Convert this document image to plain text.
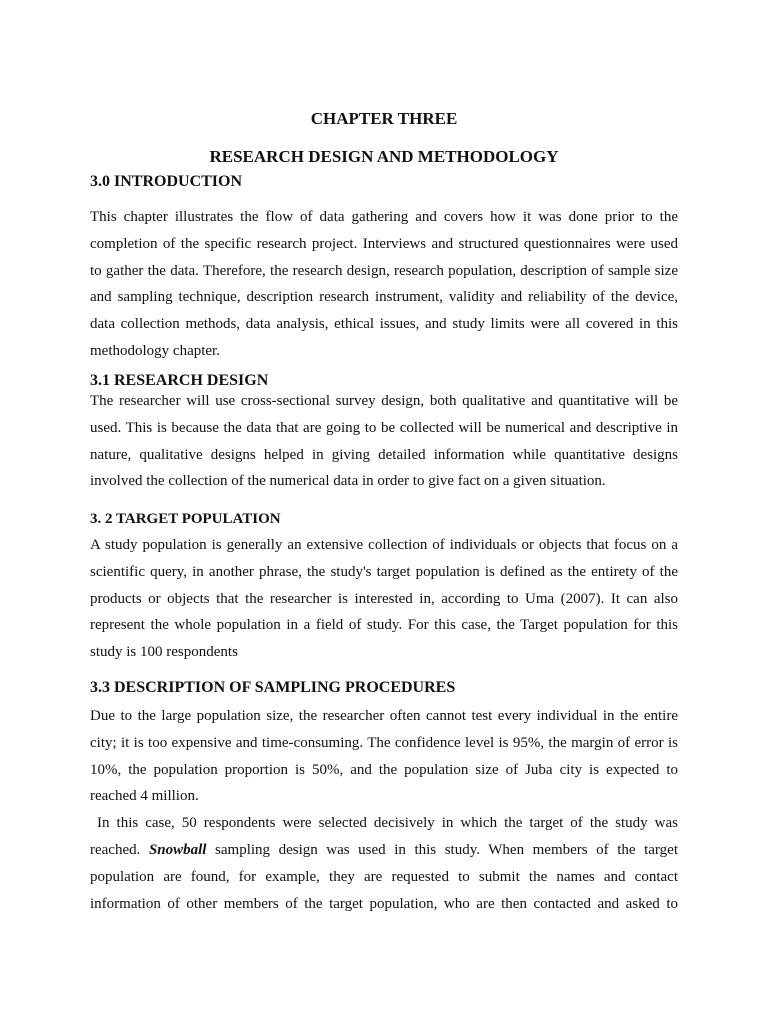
CHAPTER THREE
RESEARCH DESIGN AND METHODOLOGY
3.0 INTRODUCTION
This chapter illustrates the flow of data gathering and covers how it was done prior to the
completion of the specific research project. Interviews and structured questionnaires were used
to gather the data. Therefore, the research design, research population, description of sample size
and sampling technique, description research instrument, validity and reliability of the device,
data collection methods, data analysis, ethical issues, and study limits were all covered in this
methodology chapter.
3.1 RESEARCH DESIGN
The researcher will use cross-sectional survey design, both qualitative and quantitative will be
used. This is because the data that are going to be collected will be numerical and descriptive in
nature, qualitative designs helped in giving detailed information while quantitative designs
involved the collection of the numerical data in order to give fact on a given situation.
3. 2 TARGET POPULATION
A study population is generally an extensive collection of individuals or objects that focus on a
scientific query, in another phrase, the study's target population is defined as the entirety of the
products or objects that the researcher is interested in, according to Uma (2007). It can also
represent the whole population in a field of study. For this case, the Target population for this
study is 100 respondents
3.3 DESCRIPTION OF SAMPLING PROCEDURES
Due to the large population size, the researcher often cannot test every individual in the entire
city; it is too expensive and time-consuming. The confidence level is 95%, the margin of error is
10%, the population proportion is 50%, and the population size of Juba city is expected to
reached 4 million.
In this case, 50 respondents were selected decisively in which the target of the study was
reached. Snowball sampling design was used in this study. When members of the target
population are found, for example, they are requested to submit the names and contact
information of other members of the target population, who are then contacted and asked to
